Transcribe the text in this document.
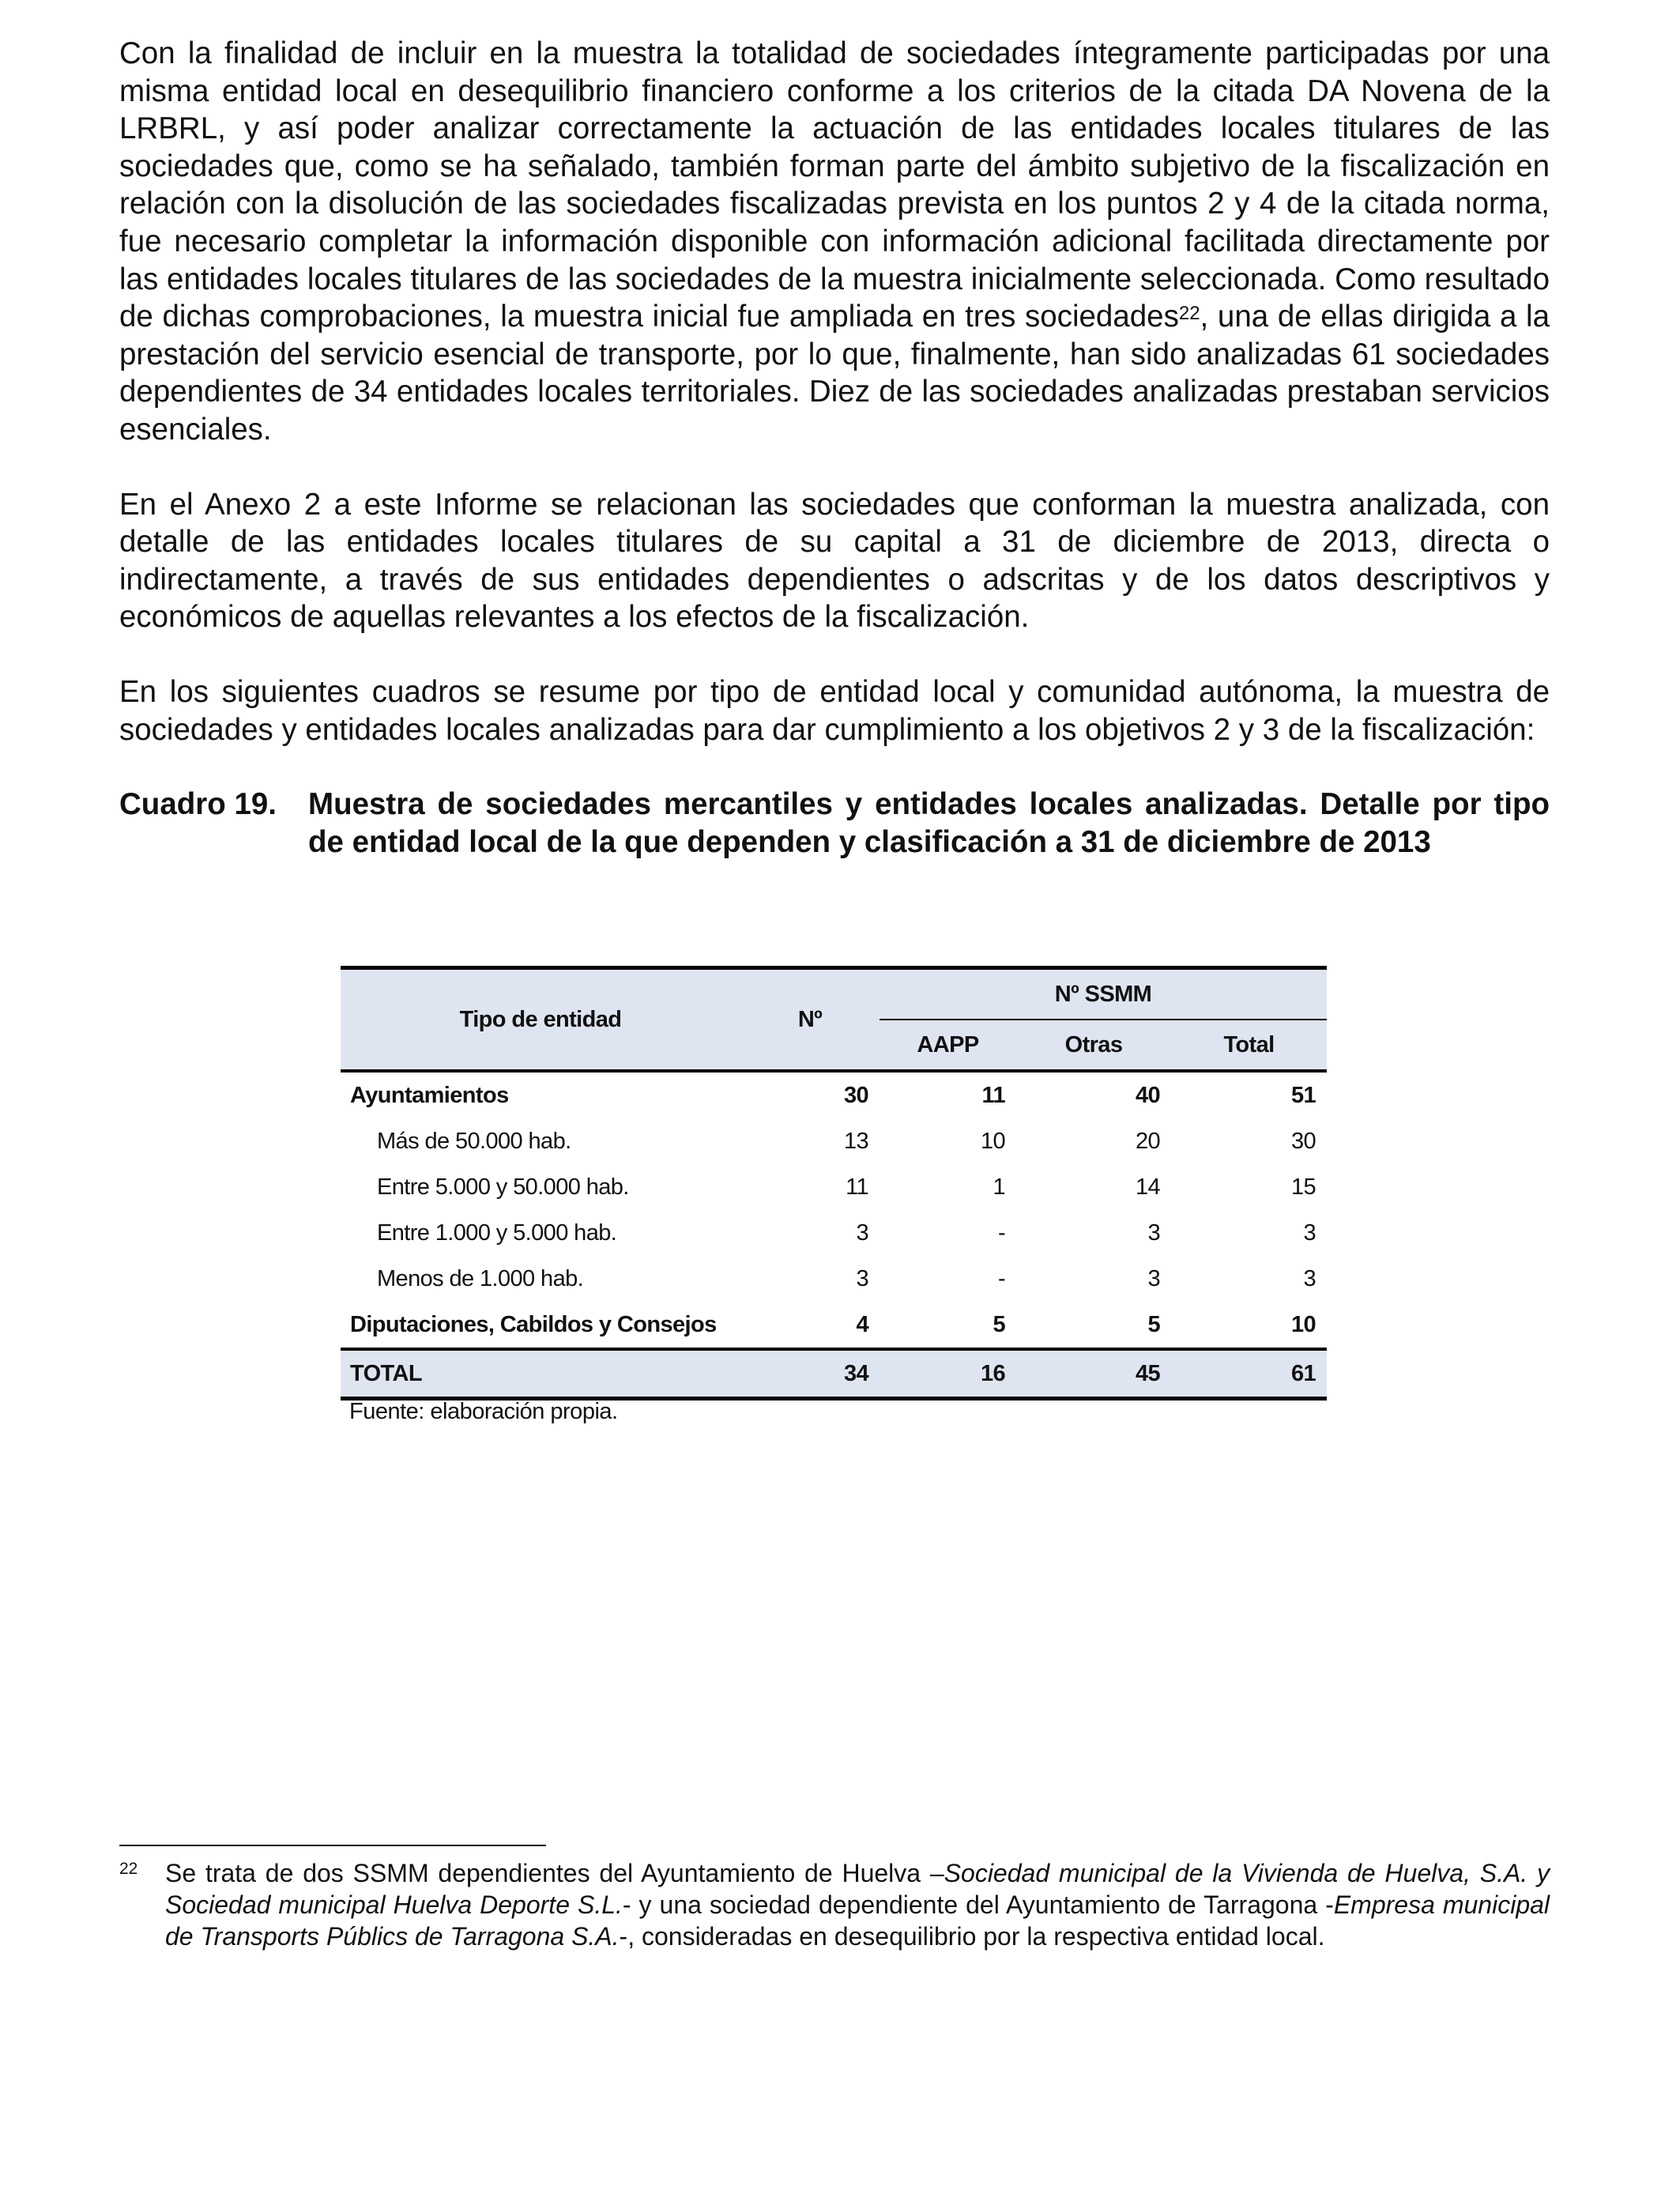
Con la finalidad de incluir en la muestra la totalidad de sociedades íntegramente participadas por una misma entidad local en desequilibrio financiero conforme a los criterios de la citada DA Novena de la LRBRL, y así poder analizar correctamente la actuación de las entidades locales titulares de las sociedades que, como se ha señalado, también forman parte del ámbito subjetivo de la fiscalización en relación con la disolución de las sociedades fiscalizadas prevista en los puntos 2 y 4 de la citada norma, fue necesario completar la información disponible con información adicional facilitada directamente por las entidades locales titulares de las sociedades de la muestra inicialmente seleccionada. Como resultado de dichas comprobaciones, la muestra inicial fue ampliada en tres sociedades$^{22}$, una de ellas dirigida a la prestación del servicio esencial de transporte, por lo que, finalmente, han sido analizadas 61 sociedades dependientes de 34 entidades locales territoriales. Diez de las sociedades analizadas prestaban servicios esenciales.

En el Anexo 2 a este Informe se relacionan las sociedades que conforman la muestra analizada, con detalle de las entidades locales titulares de su capital a 31 de diciembre de 2013, directa o indirectamente, a través de sus entidades dependientes o adscritas y de los datos descriptivos y económicos de aquellas relevantes a los efectos de la fiscalización.

En los siguientes cuadros se resume por tipo de entidad local y comunidad autónoma, la muestra de sociedades y entidades locales analizadas para dar cumplimiento a los objetivos 2 y 3 de la fiscalización:

Cuadro 19.	Muestra de sociedades mercantiles y entidades locales analizadas. Detalle por tipo de entidad local de la que dependen y clasificación a 31 de diciembre de 2013
Tipo de entidad	Nº	Nº SSMM		
		AAPP	Otras	Total
Ayuntamientos	30	11	40	51
Más de 50.000 hab.	13	10	20	30
Entre 5.000 y 50.000 hab.	11	1	14	15
Entre 1.000 y 5.000 hab.	3	-	3	3
Menos de 1.000 hab.	3	-	3	3
Diputaciones, Cabildos y Consejos	4	5	5	10
TOTAL	34	16	45	61
Fuente: elaboración propia.
22	Se trata de dos SSMM dependientes del Ayuntamiento de Huelva –Sociedad municipal de la Vivienda de Huelva, S.A. y Sociedad municipal Huelva Deporte S.L.- y una sociedad dependiente del Ayuntamiento de Tarragona -Empresa municipal de Transports Públics de Tarragona S.A.-, consideradas en desequilibrio por la respectiva entidad local.
